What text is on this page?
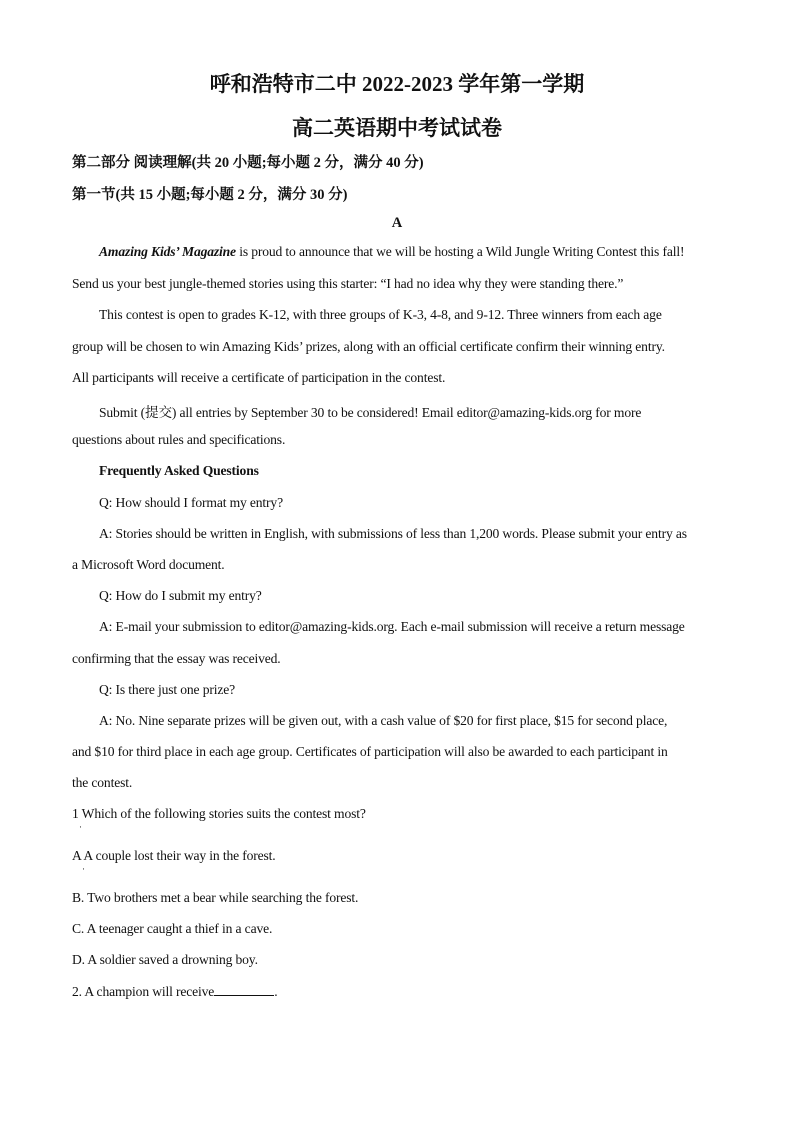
呼和浩特市二中 2022-2023 学年第一学期
高二英语期中考试试卷
第二部分 阅读理解(共 20 小题;每小题 2 分，满分 40 分)
第一节(共 15 小题;每小题 2 分，满分 30 分)
A
Amazing Kids’ Magazine is proud to announce that we will be hosting a Wild Jungle Writing Contest this fall!
Send us your best jungle-themed stories using this starter: “I had no idea why they were standing there.”
This contest is open to grades K-12, with three groups of K-3, 4-8, and 9-12. Three winners from each age
group will be chosen to win Amazing Kids’ prizes, along with an official certificate confirm their winning entry.
All participants will receive a certificate of participation in the contest.
Submit (提交) all entries by September 30 to be considered! Email editor@amazing-kids.org for more
questions about rules and specifications.
Frequently Asked Questions
Q: How should I format my entry?
A: Stories should be written in English, with submissions of less than 1,200 words. Please submit your entry as
a Microsoft Word document.
Q: How do I submit my entry?
A: E-mail your submission to editor@amazing-kids.org. Each e-mail submission will receive a return message
confirming that the essay was received.
Q: Is there just one prize?
A: No. Nine separate prizes will be given out, with a cash value of $20 for first place, $15 for second place,
and $10 for third place in each age group. Certificates of participation will also be awarded to each participant in
the contest.
1 Which of the following stories suits the contest most?
·
A A couple lost their way in the forest.
·
B. Two brothers met a bear while searching the forest.
C. A teenager caught a thief in a cave.
D. A soldier saved a drowning boy.
2. A champion will receive	.
